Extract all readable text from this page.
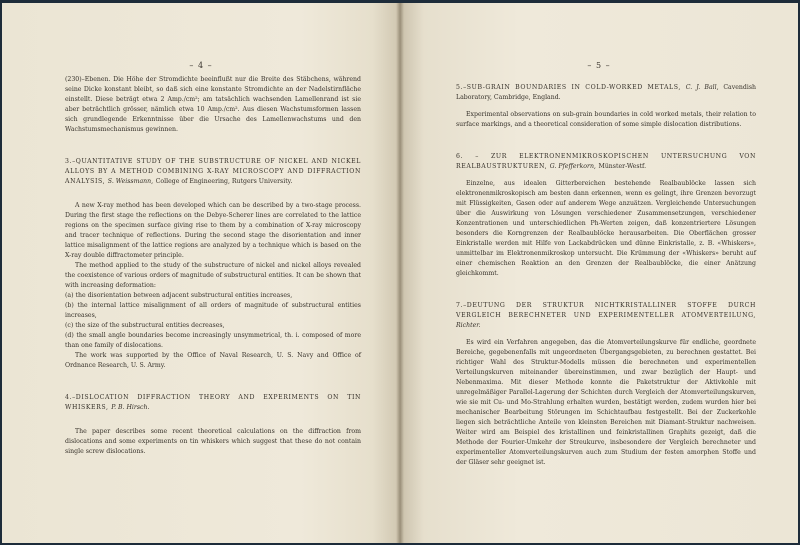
– 4 –

(230)–Ebenen. Die Höhe der Stromdichte beeinflußt nur die Breite des Stäbchens, während seine Dicke konstant bleibt, so daß sich eine konstante Stromdichte an der Nadelstirnfläche einstellt. Diese beträgt etwa 2 Amp./cm²; am tatsächlich wachsenden Lamellenrand ist sie aber beträchtlich grösser, nämlich etwa 10 Amp./cm². Aus diesen Wachstumsformen lassen sich grundlegende Erkenntnisse über die Ursache des Lamellenwachstums und den Wachstumsmechanismus gewinnen.

3.–QUANTITATIVE STUDY OF THE SUBSTRUCTURE OF NICKEL AND NICKEL ALLOYS BY A METHOD COMBINING X-RAY MICROSCOPY AND DIFFRACTION ANALYSIS, S. Weissmann, College of Engineering, Rutgers University.

A new X-ray method has been developed which can be described by a two-stage process. During the first stage the reflections on the Debye-Scherer lines are correlated to the lattice regions on the specimen surface giving rise to them by a combination of X-ray microscopy and tracer technique of reflections. During the second stage the disorientation and inner lattice misalignment of the lattice regions are analyzed by a technique which is based on the X-ray double diffractometer principle.

The method applied to the study of the substructure of nickel and nickel alloys revealed the coexistence of various orders of magnitude of substructural entities. It can be shown that with increasing deformation:

(a) the disorientation between adjacent substructural entities increases,

(b) the internal lattice misalignment of all orders of magnitude of substructural entities increases,

(c) the size of the substructural entities decreases,

(d) the small angle boundaries become increasingly unsymmetrical, th. i. composed of more than one family of dislocations.

The work was supported by the Office of Naval Research, U. S. Navy and Office of Ordnance Research, U. S. Army.

4.–DISLOCATION DIFFRACTION THEORY AND EXPERIMENTS ON TIN WHISKERS, P. B. Hirsch.

The paper describes some recent theoretical calculations on the diffraction from dislocations and some experiments on tin whiskers which suggest that these do not contain single screw dislocations.

– 5 –

5.–SUB-GRAIN BOUNDARIES IN COLD-WORKED METALS, C. J. Ball, Cavendish Laboratory, Cambridge, England.

Experimental observations on sub-grain boundaries in cold worked metals, their relation to surface markings, and a theoretical consideration of some simple dislocation distributions.

6. – ZUR ELEKTRONENMIKROSKOPISCHEN UNTERSUCHUNG VON REALBAUSTRUKTUREN, G. Pfefferkorn, Münster-Westf.

Einzelne, aus idealen Gitterbereichen bestehende Realbaublöcke lassen sich elektronenmikroskopisch am besten dann erkennen, wenn es gelingt, ihre Grenzen bevorzugt mit Flüssigkeiten, Gasen oder auf anderem Wege anzuätzen. Vergleichende Untersuchungen über die Auswirkung von Lösungen verschiedener Zusammensetzungen, verschiedener Konzentrationen und unterschiedlichen Ph-Werten zeigen, daß konzentriertere Lösungen besonders die Korngrenzen der Realbaublöcke herausarbeiten. Die Oberflächen grosser Einkristalle werden mit Hilfe von Lackabdrücken und dünne Einkristalle, z. B. «Whiskers», unmittelbar im Elektronenmikroskop untersucht. Die Krümmung der «Whiskers» beruht auf einer chemischen Reaktion an den Grenzen der Realbaublöcke, die einer Anätzung gleichkommt.

7.–DEUTUNG DER STRUKTUR NICHTKRISTALLINER STOFFE DURCH VERGLEICH BERECHNETER UND EXPERIMENTELLER ATOMVERTEILUNG, Richter.

Es wird ein Verfahren angegeben, das die Atomverteilungskurve für endliche, geordnete Bereiche, gegebenenfalls mit ungeordneten Übergangsgebieten, zu berechnen gestattet. Bei richtiger Wahl des Struktur-Modells müssen die berechneten und experimentellen Verteilungskurven miteinander übereinstimmen, und zwar bezüglich der Haupt- und Nebenmaxima. Mit dieser Methode konnte die Paketstruktur der Aktivkohle mit unregelmäßiger Parallel-Lagerung der Schichten durch Vergleich der Atomverteilungskurven, wie sie mit Cu- und Mo-Strahlung erhalten wurden, bestätigt werden, zudem wurden hier bei mechanischer Bearbeitung Störungen im Schichtaufbau festgestellt. Bei der Zuckerkohle liegen sich beträchtliche Anteile von kleinsten Bereichen mit Diamant-Struktur nachweisen. Weiter wird am Beispiel des kristallinen und feinkristallinen Graphits gezeigt, daß die Methode der Fourier-Umkehr der Streukurve, insbesondere der Vergleich berechneter und experimenteller Atomverteilungskurven auch zum Studium der festen amorphen Stoffe und der Gläser sehr geeignet ist.
